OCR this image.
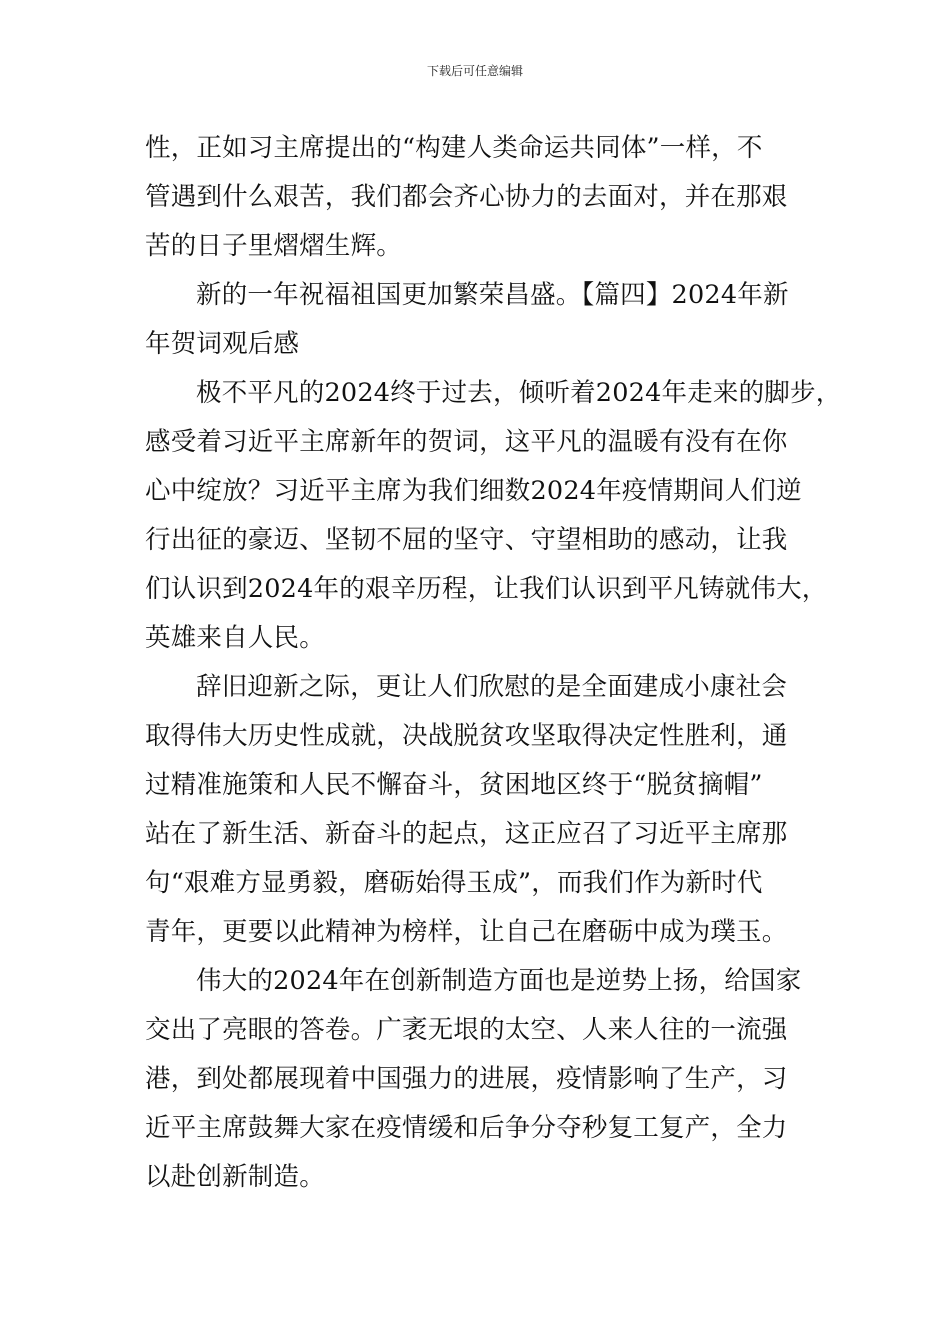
下载后可任意编辑
性，正如习主席提出的“构建人类命运共同体”一样，不
管遇到什么艰苦，我们都会齐心协力的去面对，并在那艰
苦的日子里熠熠生辉。
新的一年祝福祖国更加繁荣昌盛。【篇四】2024年新
年贺词观后感
极不平凡的2024终于过去，倾听着2024年走来的脚步，
感受着习近平主席新年的贺词，这平凡的温暖有没有在你
心中绽放？习近平主席为我们细数2024年疫情期间人们逆
行出征的豪迈、坚韧不屈的坚守、守望相助的感动，让我
们认识到2024年的艰辛历程，让我们认识到平凡铸就伟大，
英雄来自人民。
辞旧迎新之际，更让人们欣慰的是全面建成小康社会
取得伟大历史性成就，决战脱贫攻坚取得决定性胜利，通
过精准施策和人民不懈奋斗，贫困地区终于“脱贫摘帽”
站在了新生活、新奋斗的起点，这正应召了习近平主席那
句“艰难方显勇毅，磨砺始得玉成”，而我们作为新时代
青年，更要以此精神为榜样，让自己在磨砺中成为璞玉。
伟大的2024年在创新制造方面也是逆势上扬，给国家
交出了亮眼的答卷。广袤无垠的太空、人来人往的一流强
港，到处都展现着中国强力的进展，疫情影响了生产，习
近平主席鼓舞大家在疫情缓和后争分夺秒复工复产，全力
以赴创新制造。
